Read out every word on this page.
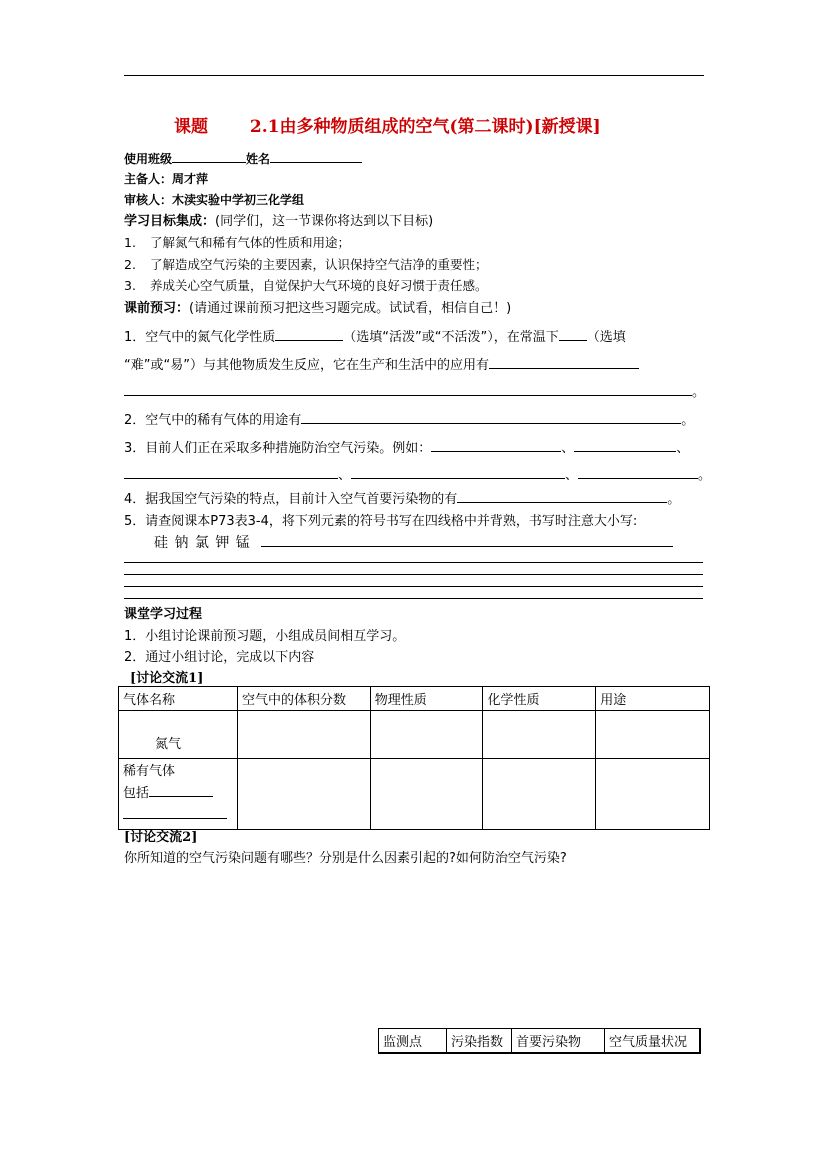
课题 2.1由多种物质组成的空气(第二课时)[新授课]
使用班级	姓名
主备人：周才萍
审核人：木渎实验中学初三化学组
学习目标集成：(同学们，这一节课你将达到以下目标)
1. 了解氮气和稀有气体的性质和用途；
2. 了解造成空气污染的主要因素，认识保持空气洁净的重要性；
3. 养成关心空气质量，自觉保护大气环境的良好习惯于责任感。
课前预习：(请通过课前预习把这些习题完成。试试看，相信自己！)
1．空气中的氮气化学性质	（选填“活泼”或“不活泼”），在常温下 （选填
“难”或“易”）与其他物质发生反应，它在生产和生活中的应用有
。
2．空气中的稀有气体的用途有	。
3．目前人们正在采取多种措施防治空气污染。例如：	、	、
、	、	。
4．据我国空气污染的特点，目前计入空气首要污染物的有	。
5．请查阅课本P73表3-4，将下列元素的符号书写在四线格中并背熟，书写时注意大小写:
硅 钠 氯 钾 锰
课堂学习过程
1．小组讨论课前预习题，小组成员间相互学习。
2．通过小组讨论，完成以下内容
[讨论交流1]
气体名称	空气中的体积分数	物理性质	化学性质	用途
氮气				

稀有气体
包括				

[讨论交流2]
你所知道的空气污染问题有哪些？分别是什么因素引起的?如何防治空气污染?
监测点	污染指数	首要污染物	空气质量状况
